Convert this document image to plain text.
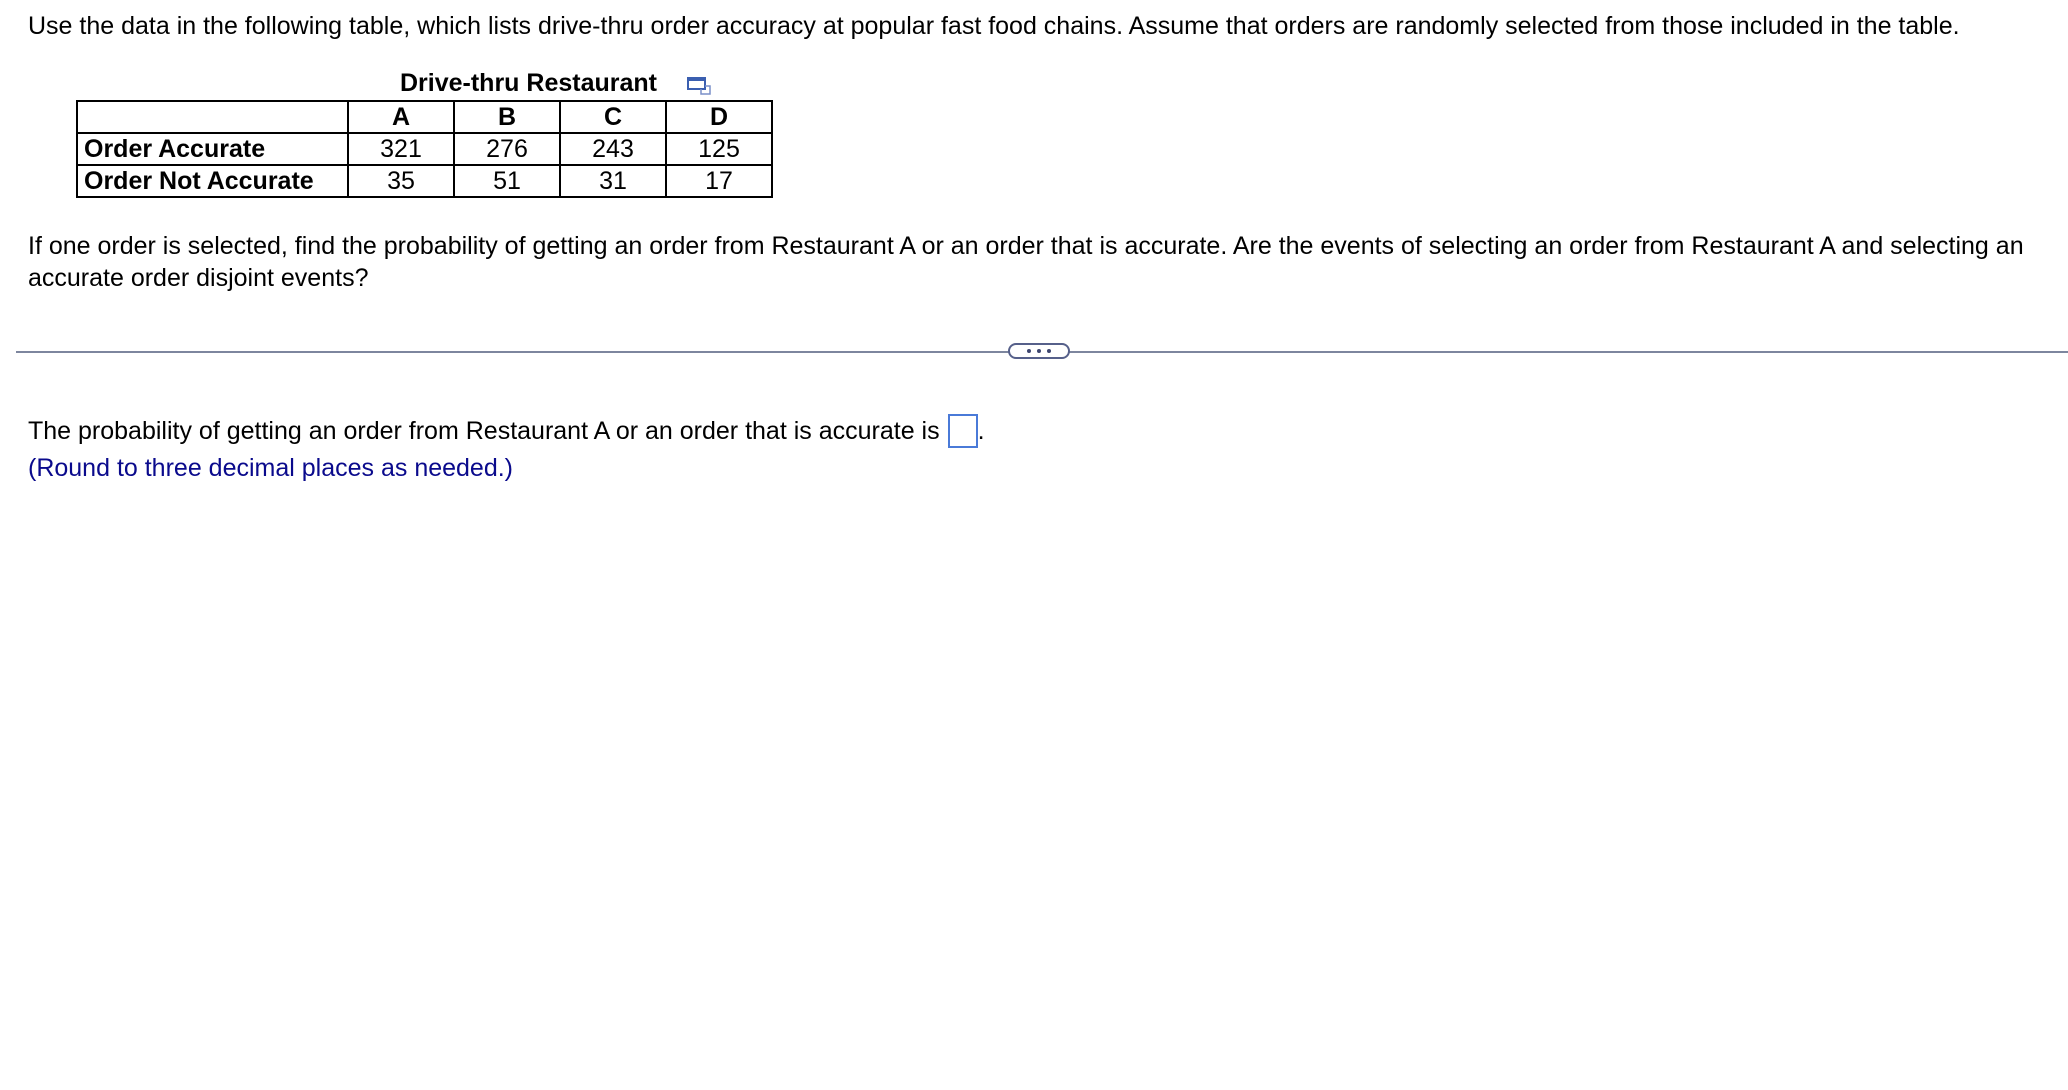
Use the data in the following table, which lists drive-thru order accuracy at popular fast food chains. Assume that orders are randomly selected from those included in the table.
Drive-thru Restaurant
	A	B	C	D
Order Accurate	321	276	243	125
Order Not Accurate	35	51	31	17
If one order is selected, find the probability of getting an order from Restaurant A or an order that is accurate. Are the events of selecting an order from Restaurant A and selecting an
accurate order disjoint events?
The probability of getting an order from Restaurant A or an order that is accurate is .
(Round to three decimal places as needed.)
